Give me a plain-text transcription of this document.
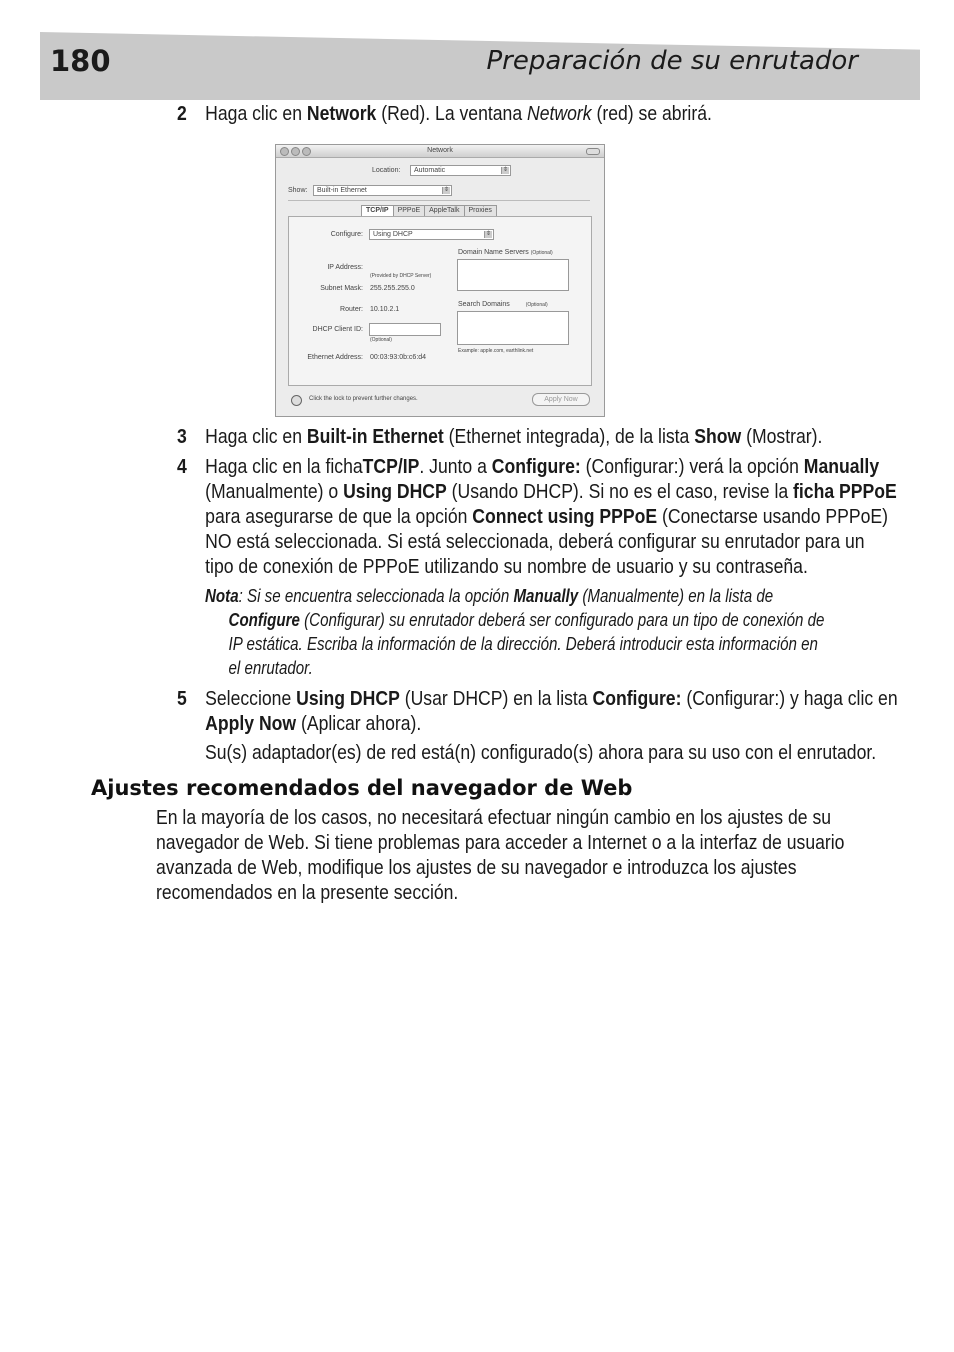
180	Preparación de su enrutador
2 Haga clic en Network (Red). La ventana Network (red) se abrirá.
Network
Location:	Automatic	⇕
Show:	Built-in Ethernet	⇕
TCP/IP PPPoE AppleTalk Proxies
Configure:	Using DHCP	⇕
Domain Name Servers (Optional)
IP Address:
(Provided by DHCP Server)
Subnet Mask: 255.255.255.0
Search Domains	(Optional)
Router: 10.10.2.1
DHCP Client ID:
(Optional)
Example: apple.com, earthlink.net
Ethernet Address: 00:03:93:0b:c6:d4
Click the lock to prevent further changes.	Apply Now
3 Haga clic en Built-in Ethernet (Ethernet integrada), de la lista Show (Mostrar).
4 Haga clic en la fichaTCP/IP. Junto a Configure: (Configurar:) verá la opción Manually
(Manualmente) o Using DHCP (Usando DHCP). Si no es el caso, revise la ficha PPPoE
para asegurarse de que la opción Connect using PPPoE (Conectarse usando PPPoE)
NO está seleccionada. Si está seleccionada, deberá configurar su enrutador para un
tipo de conexión de PPPoE utilizando su nombre de usuario y su contraseña.
Nota: Si se encuentra seleccionada la opción Manually (Manualmente) en la lista de
Configure (Configurar) su enrutador deberá ser configurado para un tipo de conexión de
IP estática. Escriba la información de la dirección. Deberá introducir esta información en
el enrutador.
5 Seleccione Using DHCP (Usar DHCP) en la lista Configure: (Configurar:) y haga clic en
Apply Now (Aplicar ahora).
Su(s) adaptador(es) de red está(n) configurado(s) ahora para su uso con el enrutador.
Ajustes recomendados del navegador de Web
En la mayoría de los casos, no necesitará efectuar ningún cambio en los ajustes de su
navegador de Web. Si tiene problemas para acceder a Internet o a la interfaz de usuario
avanzada de Web, modifique los ajustes de su navegador e introduzca los ajustes
recomendados en la presente sección.
